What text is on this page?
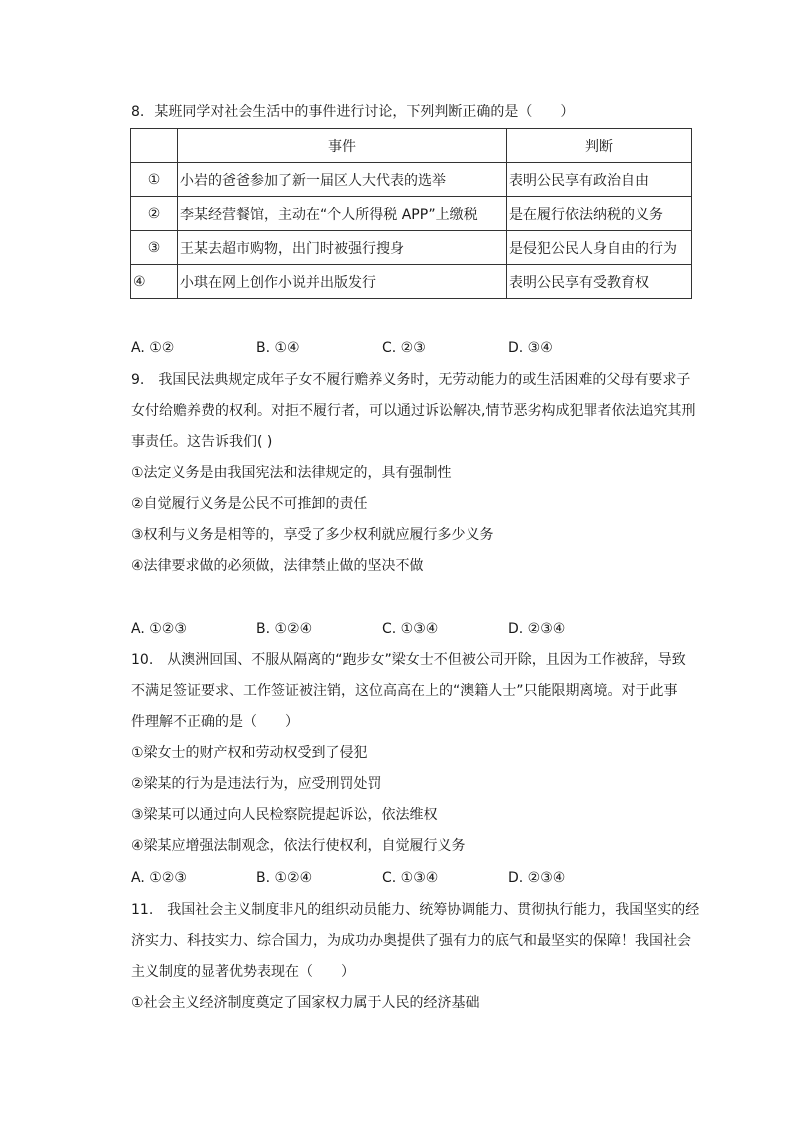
8. 某班同学对社会生活中的事件进行讨论，下列判断正确的是（　　）
	事件	判断
①	小岩的爸爸参加了新一届区人大代表的选举	表明公民享有政治自由
②	李某经营餐馆，主动在“个人所得税 APP”上缴税	是在履行依法纳税的义务
③	王某去超市购物，出门时被强行搜身	是侵犯公民人身自由的行为
④	小琪在网上创作小说并出版发行	表明公民享有受教育权
A. ①②	B. ①④	C. ②③	D. ③④
9.　我国民法典规定成年子女不履行赡养义务时，无劳动能力的或生活困难的父母有要求子
女付给赡养费的权利。对拒不履行者，可以通过诉讼解决,情节恶劣构成犯罪者依法追究其刑
事责任。这告诉我们( )
①法定义务是由我国宪法和法律规定的，具有强制性
②自觉履行义务是公民不可推卸的责任
③权利与义务是相等的，享受了多少权利就应履行多少义务
④法律要求做的必须做，法律禁止做的坚决不做
A. ①②③	B. ①②④	C. ①③④	D. ②③④
10.　从澳洲回国、不服从隔离的“跑步女”梁女士不但被公司开除，且因为工作被辞，导致
不满足签证要求、工作签证被注销，这位高高在上的“澳籍人士”只能限期离境。对于此事
件理解不正确的是（　　）
①梁女士的财产权和劳动权受到了侵犯
②梁某的行为是违法行为，应受刑罚处罚
③梁某可以通过向人民检察院提起诉讼，依法维权
④梁某应增强法制观念，依法行使权利，自觉履行义务
A. ①②③	B. ①②④	C. ①③④	D. ②③④
11.　我国社会主义制度非凡的组织动员能力、统筹协调能力、贯彻执行能力，我国坚实的经
济实力、科技实力、综合国力，为成功办奥提供了强有力的底气和最坚实的保障！我国社会
主义制度的显著优势表现在（　　）
①社会主义经济制度奠定了国家权力属于人民的经济基础
